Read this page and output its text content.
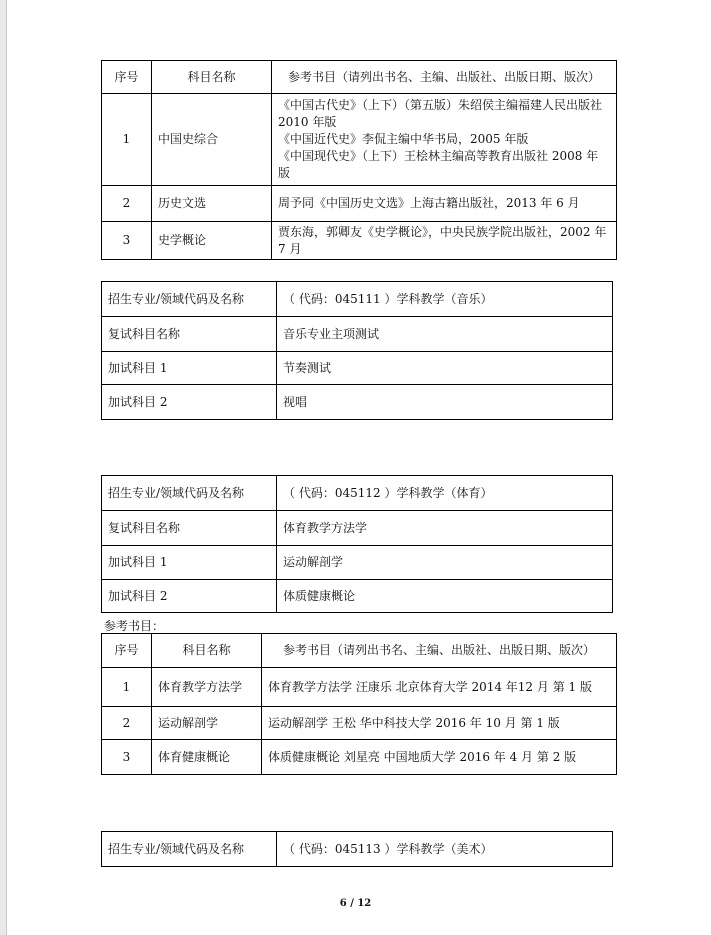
序号	科目名称	参考书目（请列出书名、主编、出版社、出版日期、版次）
1	中国史综合	《中国古代史》（上下）（第五版）朱绍侯主编福建人民出版社 2010 年版
《中国近代史》李侃主编中华书局，2005 年版
《中国现代史》（上下）王桧林主编高等教育出版社 2008 年版

2	历史文选	周予同《中国历史文选》上海古籍出版社，2013 年 6 月
3	史学概论	贾东海，郭卿友《史学概论》，中央民族学院出版社，2002 年 7 月
招生专业/领域代码及名称	（ 代码：045111 ）学科教学（音乐）
复试科目名称	音乐专业主项测试
加试科目 1	节奏测试
加试科目 2	视唱
招生专业/领域代码及名称	（ 代码：045112 ）学科教学（体育）
复试科目名称	体育教学方法学
加试科目 1	运动解剖学
加试科目 2	体质健康概论
参考书目：
序号	科目名称	参考书目（请列出书名、主编、出版社、出版日期、版次）
1	体育教学方法学	体育教学方法学 汪康乐 北京体育大学 2014 年12 月 第 1 版
2	运动解剖学	运动解剖学 王松 华中科技大学 2016 年 10 月 第 1 版
3	体育健康概论	体质健康概论 刘星亮 中国地质大学 2016 年 4 月 第 2 版
招生专业/领域代码及名称	（ 代码：045113 ）学科教学（美术）
6 / 12
